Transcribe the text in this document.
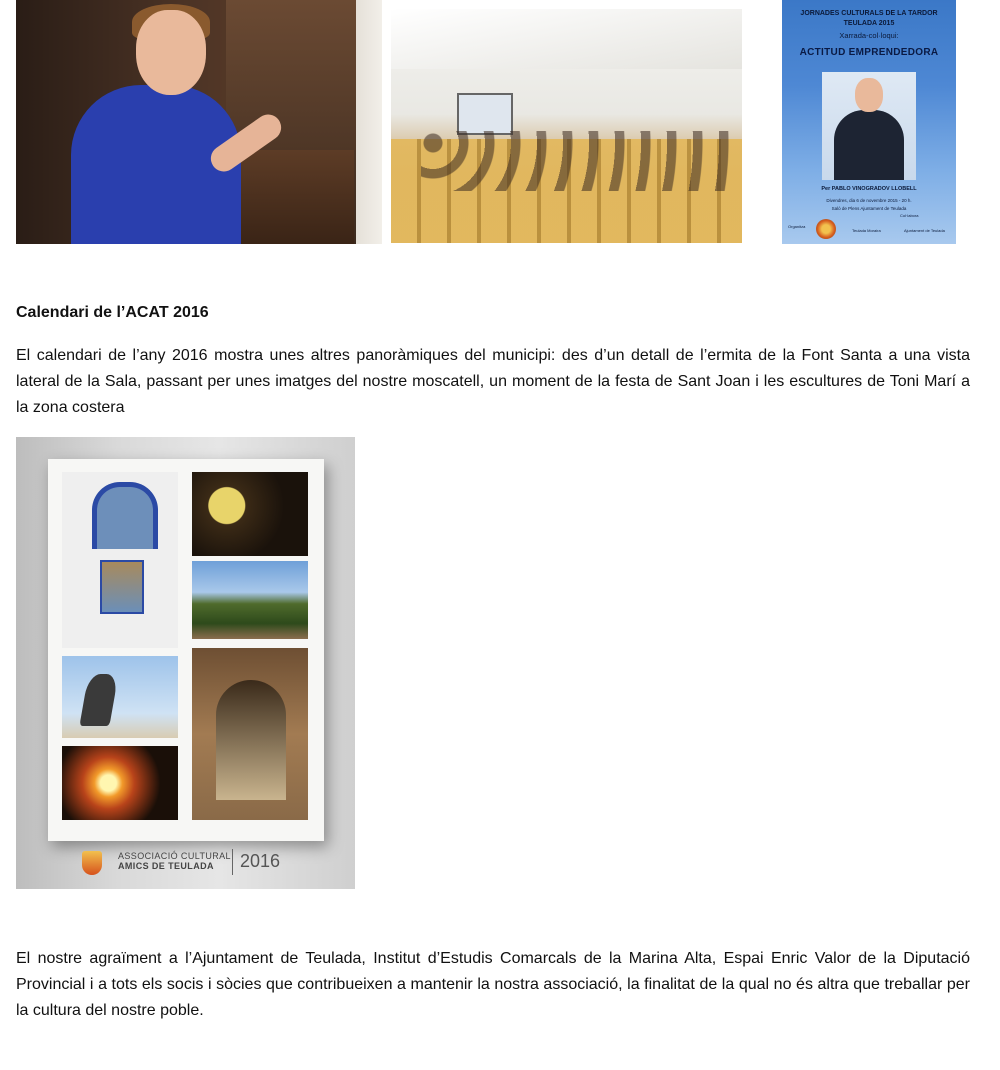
JORNADES CULTURALS DE LA TARDOR
TEULADA 2015
Xarrada-col·loqui:
ACTITUD EMPRENDEDORA
Per PABLO VINOGRADOV LLOBELL
Divendres, dia 6 de novembre 2015 - 20 h.
Saló de Plens Ajuntament de Teulada
Organitza
Col·labora
Teulada Moraira	Ajuntament de Teulada

Calendari de l’ACAT 2016

El calendari de l’any 2016 mostra unes altres panoràmiques del municipi: des d’un detall de l’ermita de la Font Santa a una vista lateral de la Sala, passant per unes imatges del nostre moscatell, un moment de la festa de Sant Joan i les escultures de Toni Marí a la zona costera

ASSOCIACIÓ CULTURAL
AMICS DE TEULADA	2016

El nostre agraïment a l’Ajuntament de Teulada, Institut d’Estudis Comarcals de la Marina Alta, Espai Enric Valor de la Diputació Provincial i a tots els socis i sòcies que contribueixen a mantenir la nostra associació, la finalitat de la qual no és altra que treballar per la cultura del nostre poble.
